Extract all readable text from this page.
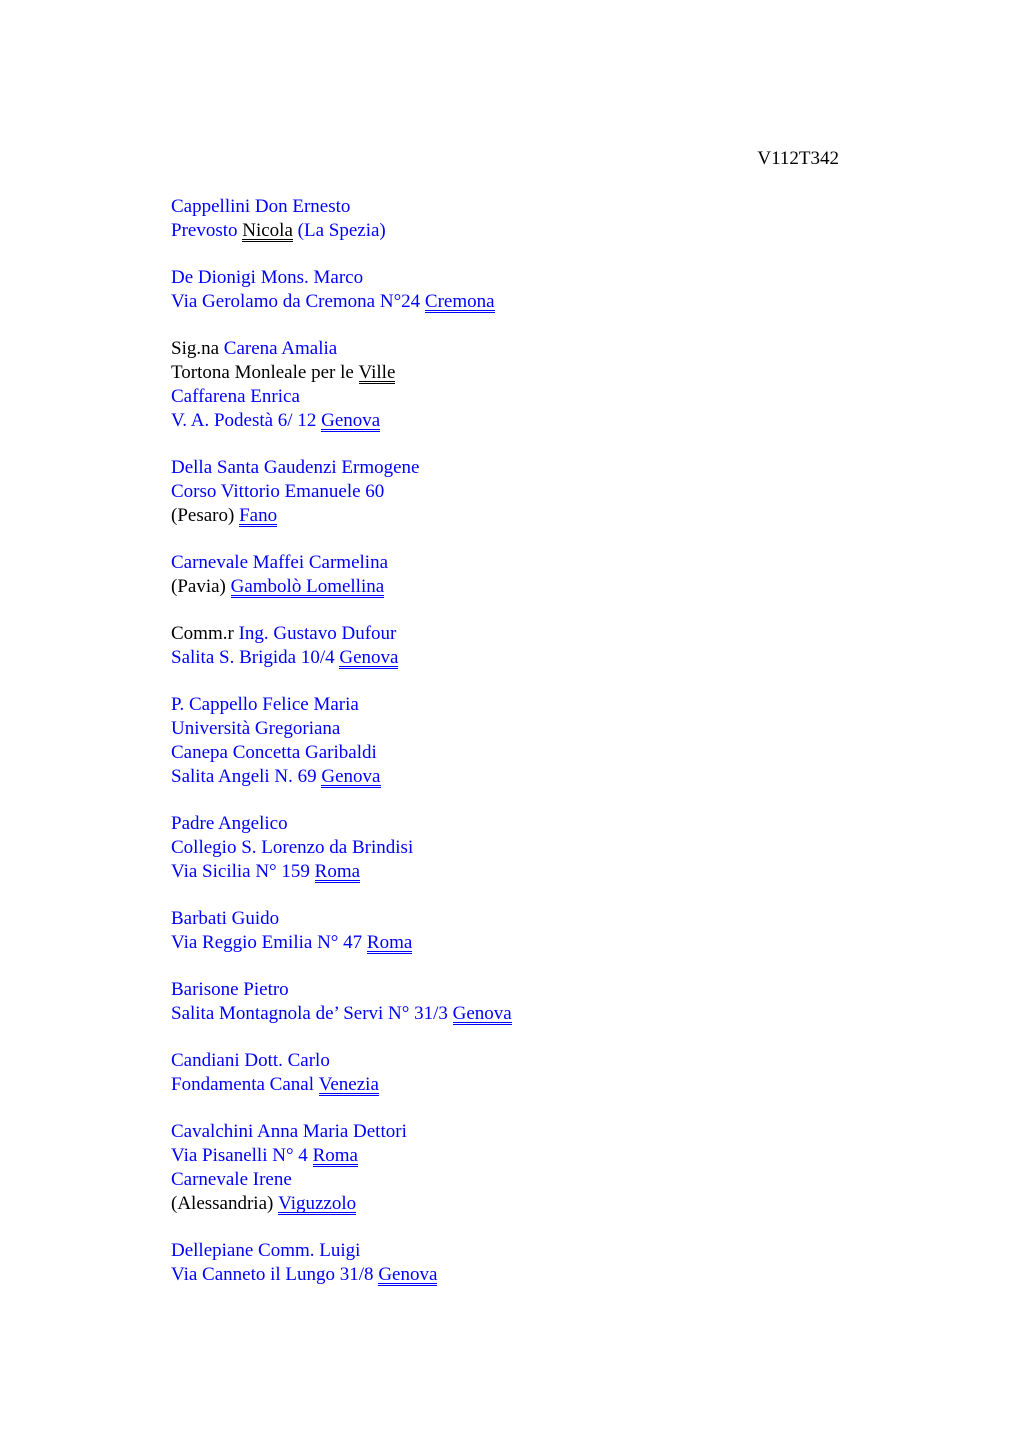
V112T342
Cappellini Don Ernesto
Prevosto Nicola (La Spezia)
De Dionigi Mons. Marco
Via Gerolamo da Cremona N°24 Cremona
Sig.na Carena Amalia
Tortona Monleale per le Ville
Caffarena Enrica
V. A. Podestà 6/ 12 Genova
Della Santa Gaudenzi Ermogene
Corso Vittorio Emanuele 60
(Pesaro) Fano
Carnevale Maffei Carmelina
(Pavia) Gambolò Lomellina
Comm.r Ing. Gustavo Dufour
Salita S. Brigida 10/4 Genova
P. Cappello Felice Maria
Università Gregoriana
Canepa Concetta Garibaldi
Salita Angeli N. 69 Genova
Padre Angelico
Collegio S. Lorenzo da Brindisi
Via Sicilia N° 159 Roma
Barbati Guido
Via Reggio Emilia N° 47 Roma
Barisone Pietro
Salita Montagnola de’ Servi N° 31/3 Genova
Candiani Dott. Carlo
Fondamenta Canal Venezia
Cavalchini Anna Maria Dettori
Via Pisanelli N° 4 Roma
Carnevale Irene
(Alessandria) Viguzzolo
Dellepiane Comm. Luigi
Via Canneto il Lungo 31/8 Genova
